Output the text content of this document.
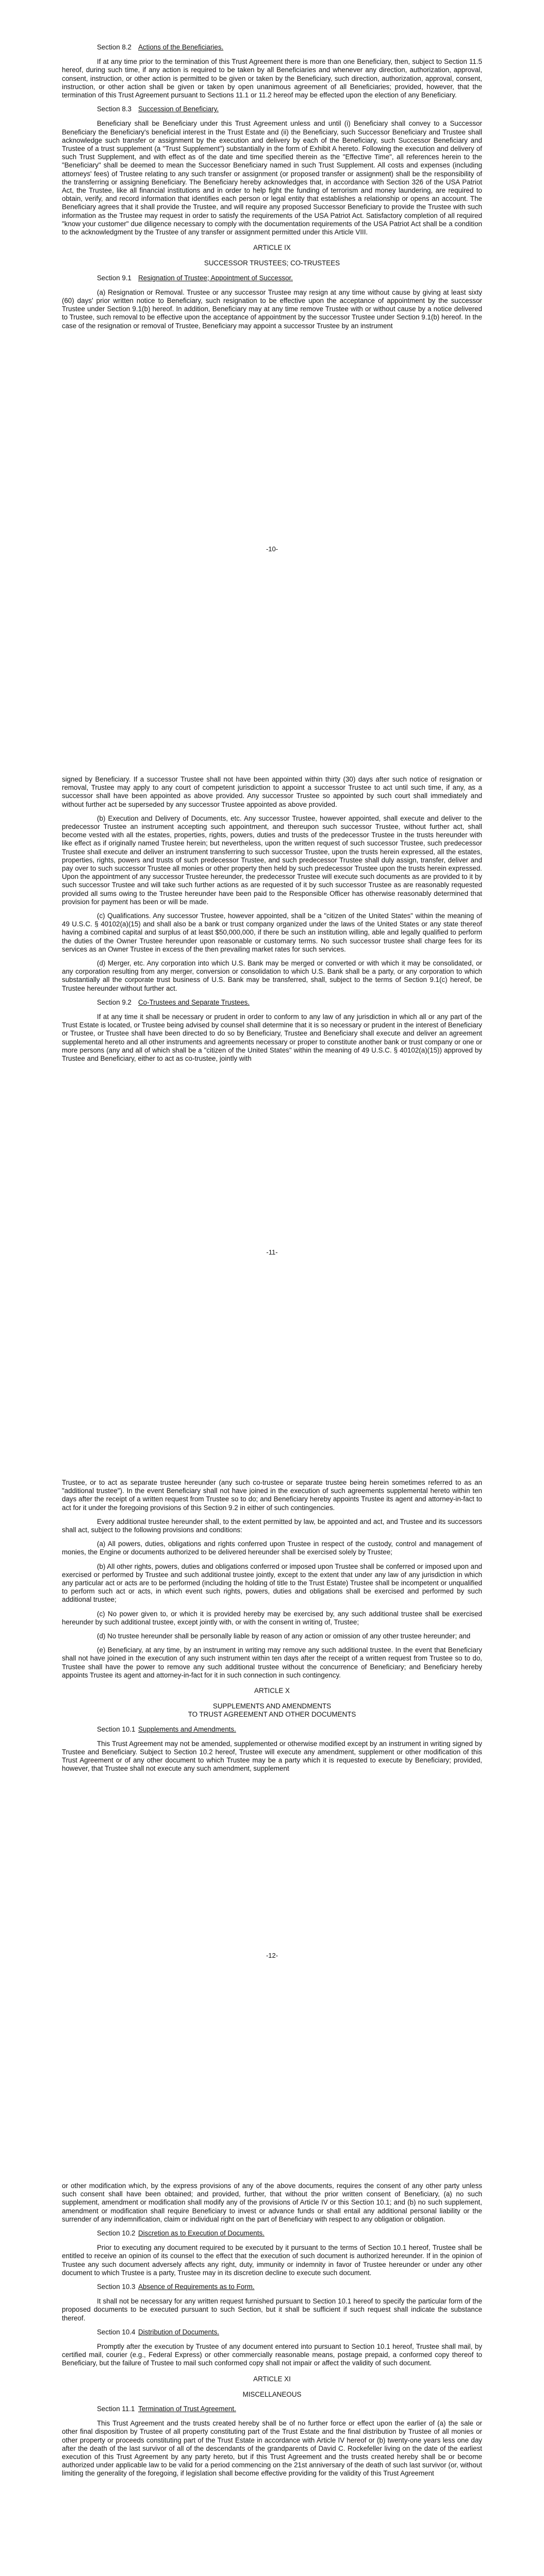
Section 8.2 Actions of the Beneficiaries.

If at any time prior to the termination of this Trust Agreement there is more than one Beneficiary, then, subject to Section 11.5 hereof, during such time, if any action is required to be taken by all Beneficiaries and whenever any direction, authorization, approval, consent, instruction, or other action is permitted to be given or taken by the Beneficiary, such direction, authorization, approval, consent, instruction, or other action shall be given or taken by open unanimous agreement of all Beneficiaries; provided, however, that the termination of this Trust Agreement pursuant to Sections 11.1 or 11.2 hereof may be effected upon the election of any Beneficiary.

Section 8.3 Succession of Beneficiary.

Beneficiary shall be Beneficiary under this Trust Agreement unless and until (i) Beneficiary shall convey to a Successor Beneficiary the Beneficiary's beneficial interest in the Trust Estate and (ii) the Beneficiary, such Successor Beneficiary and Trustee shall acknowledge such transfer or assignment by the execution and delivery by each of the Beneficiary, such Successor Beneficiary and Trustee of a trust supplement (a "Trust Supplement") substantially in the form of Exhibit A hereto. Following the execution and delivery of such Trust Supplement, and with effect as of the date and time specified therein as the "Effective Time", all references herein to the "Beneficiary" shall be deemed to mean the Successor Beneficiary named in such Trust Supplement. All costs and expenses (including attorneys' fees) of Trustee relating to any such transfer or assignment (or proposed transfer or assignment) shall be the responsibility of the transferring or assigning Beneficiary. The Beneficiary hereby acknowledges that, in accordance with Section 326 of the USA Patriot Act, the Trustee, like all financial institutions and in order to help fight the funding of terrorism and money laundering, are required to obtain, verify, and record information that identifies each person or legal entity that establishes a relationship or opens an account. The Beneficiary agrees that it shall provide the Trustee, and will require any proposed Successor Beneficiary to provide the Trustee with such information as the Trustee may request in order to satisfy the requirements of the USA Patriot Act. Satisfactory completion of all required "know your customer" due diligence necessary to comply with the documentation requirements of the USA Patriot Act shall be a condition to the acknowledgment by the Trustee of any transfer or assignment permitted under this Article VIII.

ARTICLE IX
SUCCESSOR TRUSTEES; CO-TRUSTEES
Section 9.1 Resignation of Trustee; Appointment of Successor.

(a) Resignation or Removal. Trustee or any successor Trustee may resign at any time without cause by giving at least sixty (60) days' prior written notice to Beneficiary, such resignation to be effective upon the acceptance of appointment by the successor Trustee under Section 9.1(b) hereof. In addition, Beneficiary may at any time remove Trustee with or without cause by a notice delivered to Trustee, such removal to be effective upon the acceptance of appointment by the successor Trustee under Section 9.1(b) hereof. In the case of the resignation or removal of Trustee, Beneficiary may appoint a successor Trustee by an instrument

-10-

signed by Beneficiary. If a successor Trustee shall not have been appointed within thirty (30) days after such notice of resignation or removal, Trustee may apply to any court of competent jurisdiction to appoint a successor Trustee to act until such time, if any, as a successor shall have been appointed as above provided. Any successor Trustee so appointed by such court shall immediately and without further act be superseded by any successor Trustee appointed as above provided.

(b) Execution and Delivery of Documents, etc. Any successor Trustee, however appointed, shall execute and deliver to the predecessor Trustee an instrument accepting such appointment, and thereupon such successor Trustee, without further act, shall become vested with all the estates, properties, rights, powers, duties and trusts of the predecessor Trustee in the trusts hereunder with like effect as if originally named Trustee herein; but nevertheless, upon the written request of such successor Trustee, such predecessor Trustee shall execute and deliver an instrument transferring to such successor Trustee, upon the trusts herein expressed, all the estates, properties, rights, powers and trusts of such predecessor Trustee, and such predecessor Trustee shall duly assign, transfer, deliver and pay over to such successor Trustee all monies or other property then held by such predecessor Trustee upon the trusts herein expressed. Upon the appointment of any successor Trustee hereunder, the predecessor Trustee will execute such documents as are provided to it by such successor Trustee and will take such further actions as are requested of it by such successor Trustee as are reasonably requested provided all sums owing to the Trustee hereunder have been paid to the Responsible Officer has otherwise reasonably determined that provision for payment has been or will be made.

(c) Qualifications. Any successor Trustee, however appointed, shall be a "citizen of the United States" within the meaning of 49 U.S.C. § 40102(a)(15) and shall also be a bank or trust company organized under the laws of the United States or any state thereof having a combined capital and surplus of at least $50,000,000, if there be such an institution willing, able and legally qualified to perform the duties of the Owner Trustee hereunder upon reasonable or customary terms. No such successor trustee shall charge fees for its services as an Owner Trustee in excess of the then prevailing market rates for such services.

(d) Merger, etc. Any corporation into which U.S. Bank may be merged or converted or with which it may be consolidated, or any corporation resulting from any merger, conversion or consolidation to which U.S. Bank shall be a party, or any corporation to which substantially all the corporate trust business of U.S. Bank may be transferred, shall, subject to the terms of Section 9.1(c) hereof, be Trustee hereunder without further act.

Section 9.2 Co-Trustees and Separate Trustees.

If at any time it shall be necessary or prudent in order to conform to any law of any jurisdiction in which all or any part of the Trust Estate is located, or Trustee being advised by counsel shall determine that it is so necessary or prudent in the interest of Beneficiary or Trustee, or Trustee shall have been directed to do so by Beneficiary, Trustee and Beneficiary shall execute and deliver an agreement supplemental hereto and all other instruments and agreements necessary or proper to constitute another bank or trust company or one or more persons (any and all of which shall be a "citizen of the United States" within the meaning of 49 U.S.C. § 40102(a)(15)) approved by Trustee and Beneficiary, either to act as co-trustee, jointly with

-11-

Trustee, or to act as separate trustee hereunder (any such co-trustee or separate trustee being herein sometimes referred to as an "additional trustee"). In the event Beneficiary shall not have joined in the execution of such agreements supplemental hereto within ten days after the receipt of a written request from Trustee so to do; and Beneficiary hereby appoints Trustee its agent and attorney-in-fact to act for it under the foregoing provisions of this Section 9.2 in either of such contingencies.

Every additional trustee hereunder shall, to the extent permitted by law, be appointed and act, and Trustee and its successors shall act, subject to the following provisions and conditions:

(a) All powers, duties, obligations and rights conferred upon Trustee in respect of the custody, control and management of monies, the Engine or documents authorized to be delivered hereunder shall be exercised solely by Trustee;

(b) All other rights, powers, duties and obligations conferred or imposed upon Trustee shall be conferred or imposed upon and exercised or performed by Trustee and such additional trustee jointly, except to the extent that under any law of any jurisdiction in which any particular act or acts are to be performed (including the holding of title to the Trust Estate) Trustee shall be incompetent or unqualified to perform such act or acts, in which event such rights, powers, duties and obligations shall be exercised and performed by such additional trustee;

(c) No power given to, or which it is provided hereby may be exercised by, any such additional trustee shall be exercised hereunder by such additional trustee, except jointly with, or with the consent in writing of, Trustee;

(d) No trustee hereunder shall be personally liable by reason of any action or omission of any other trustee hereunder; and

(e) Beneficiary, at any time, by an instrument in writing may remove any such additional trustee. In the event that Beneficiary shall not have joined in the execution of any such instrument within ten days after the receipt of a written request from Trustee so to do, Trustee shall have the power to remove any such additional trustee without the concurrence of Beneficiary; and Beneficiary hereby appoints Trustee its agent and attorney-in-fact for it in such connection in such contingency.

ARTICLE X
SUPPLEMENTS AND AMENDMENTS
TO TRUST AGREEMENT AND OTHER DOCUMENTS
Section 10.1 Supplements and Amendments.

This Trust Agreement may not be amended, supplemented or otherwise modified except by an instrument in writing signed by Trustee and Beneficiary. Subject to Section 10.2 hereof, Trustee will execute any amendment, supplement or other modification of this Trust Agreement or of any other document to which Trustee may be a party which it is requested to execute by Beneficiary; provided, however, that Trustee shall not execute any such amendment, supplement

-12-

or other modification which, by the express provisions of any of the above documents, requires the consent of any other party unless such consent shall have been obtained; and provided, further, that without the prior written consent of Beneficiary, (a) no such supplement, amendment or modification shall modify any of the provisions of Article IV or this Section 10.1; and (b) no such supplement, amendment or modification shall require Beneficiary to invest or advance funds or shall entail any additional personal liability or the surrender of any indemnification, claim or individual right on the part of Beneficiary with respect to any obligation or obligation.

Section 10.2 Discretion as to Execution of Documents.

Prior to executing any document required to be executed by it pursuant to the terms of Section 10.1 hereof, Trustee shall be entitled to receive an opinion of its counsel to the effect that the execution of such document is authorized hereunder. If in the opinion of Trustee any such document adversely affects any right, duty, immunity or indemnity in favor of Trustee hereunder or under any other document to which Trustee is a party, Trustee may in its discretion decline to execute such document.

Section 10.3 Absence of Requirements as to Form.

It shall not be necessary for any written request furnished pursuant to Section 10.1 hereof to specify the particular form of the proposed documents to be executed pursuant to such Section, but it shall be sufficient if such request shall indicate the substance thereof.

Section 10.4 Distribution of Documents.

Promptly after the execution by Trustee of any document entered into pursuant to Section 10.1 hereof, Trustee shall mail, by certified mail, courier (e.g., Federal Express) or other commercially reasonable means, postage prepaid, a conformed copy thereof to Beneficiary, but the failure of Trustee to mail such conformed copy shall not impair or affect the validity of such document.

ARTICLE XI
MISCELLANEOUS
Section 11.1 Termination of Trust Agreement.

This Trust Agreement and the trusts created hereby shall be of no further force or effect upon the earlier of (a) the sale or other final disposition by Trustee of all property constituting part of the Trust Estate and the final distribution by Trustee of all monies or other property or proceeds constituting part of the Trust Estate in accordance with Article IV hereof or (b) twenty-one years less one day after the death of the last survivor of all of the descendants of the grandparents of David C. Rockefeller living on the date of the earliest execution of this Trust Agreement by any party hereto, but if this Trust Agreement and the trusts created hereby shall be or become authorized under applicable law to be valid for a period commencing on the 21st anniversary of the death of such last survivor (or, without limiting the generality of the foregoing, if legislation shall become effective providing for the validity of this Trust Agreement
